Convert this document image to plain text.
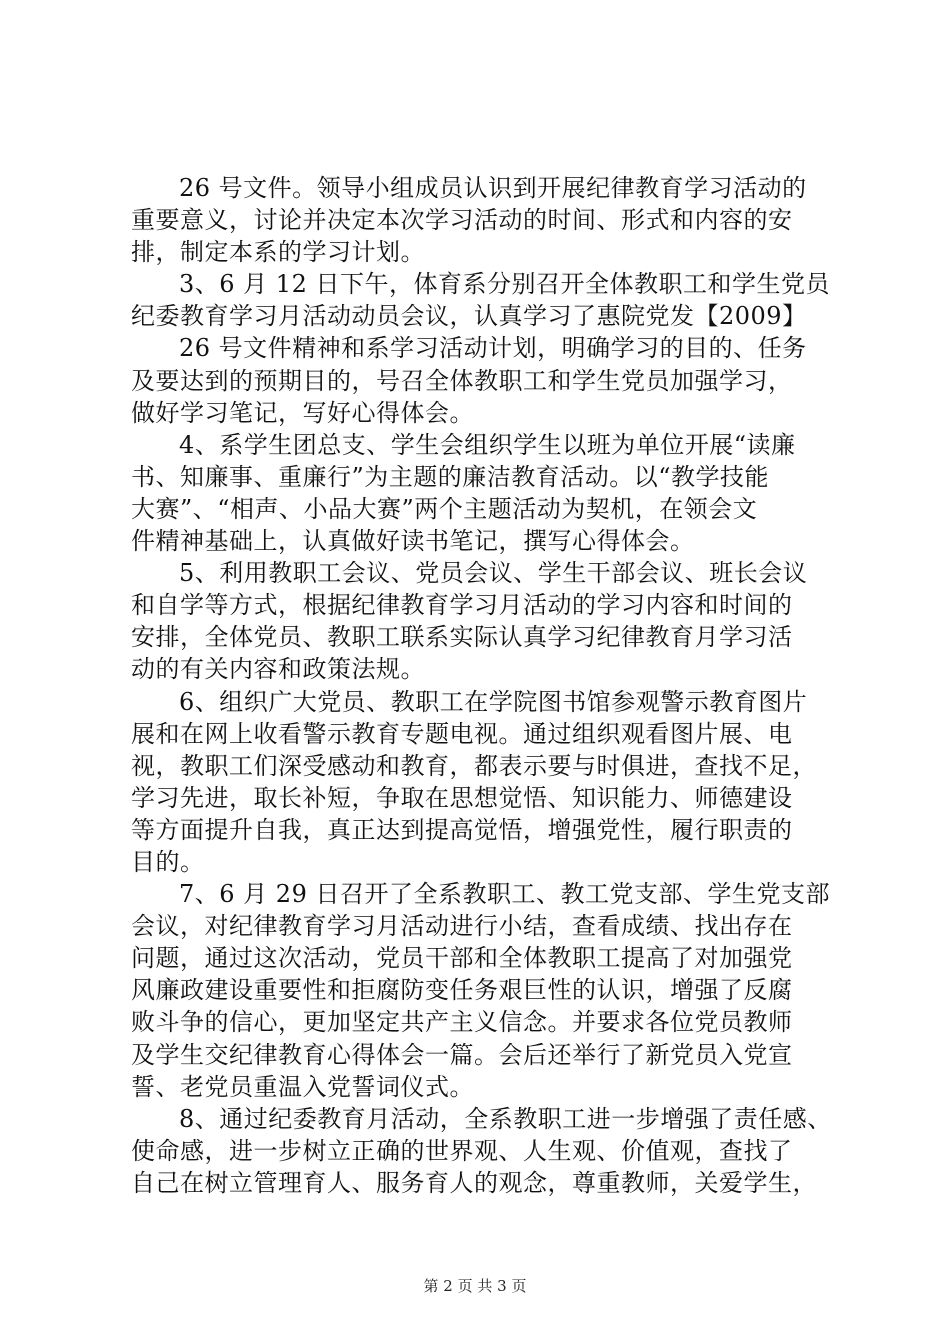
26 号文件。领导小组成员认识到开展纪律教育学习活动的
重要意义，讨论并决定本次学习活动的时间、形式和内容的安
排，制定本系的学习计划。
3、6 月 12 日下午，体育系分别召开全体教职工和学生党员
纪委教育学习月活动动员会议，认真学习了惠院党发【2009】
26 号文件精神和系学习活动计划，明确学习的目的、任务
及要达到的预期目的，号召全体教职工和学生党员加强学习，
做好学习笔记，写好心得体会。
4、系学生团总支、学生会组织学生以班为单位开展“读廉
书、知廉事、重廉行”为主题的廉洁教育活动。以“教学技能
大赛”、“相声、小品大赛”两个主题活动为契机，在领会文
件精神基础上，认真做好读书笔记，撰写心得体会。
5、利用教职工会议、党员会议、学生干部会议、班长会议
和自学等方式，根据纪律教育学习月活动的学习内容和时间的
安排，全体党员、教职工联系实际认真学习纪律教育月学习活
动的有关内容和政策法规。
6、组织广大党员、教职工在学院图书馆参观警示教育图片
展和在网上收看警示教育专题电视。通过组织观看图片展、电
视，教职工们深受感动和教育，都表示要与时俱进，查找不足，
学习先进，取长补短，争取在思想觉悟、知识能力、师德建设
等方面提升自我，真正达到提高觉悟，增强党性，履行职责的
目的。
7、6 月 29 日召开了全系教职工、教工党支部、学生党支部
会议，对纪律教育学习月活动进行小结，查看成绩、找出存在
问题，通过这次活动，党员干部和全体教职工提高了对加强党
风廉政建设重要性和拒腐防变任务艰巨性的认识，增强了反腐
败斗争的信心，更加坚定共产主义信念。并要求各位党员教师
及学生交纪律教育心得体会一篇。会后还举行了新党员入党宣
誓、老党员重温入党誓词仪式。
8、通过纪委教育月活动，全系教职工进一步增强了责任感、
使命感，进一步树立正确的世界观、人生观、价值观，查找了
自己在树立管理育人、服务育人的观念，尊重教师，关爱学生，
第 2 页 共 3 页
